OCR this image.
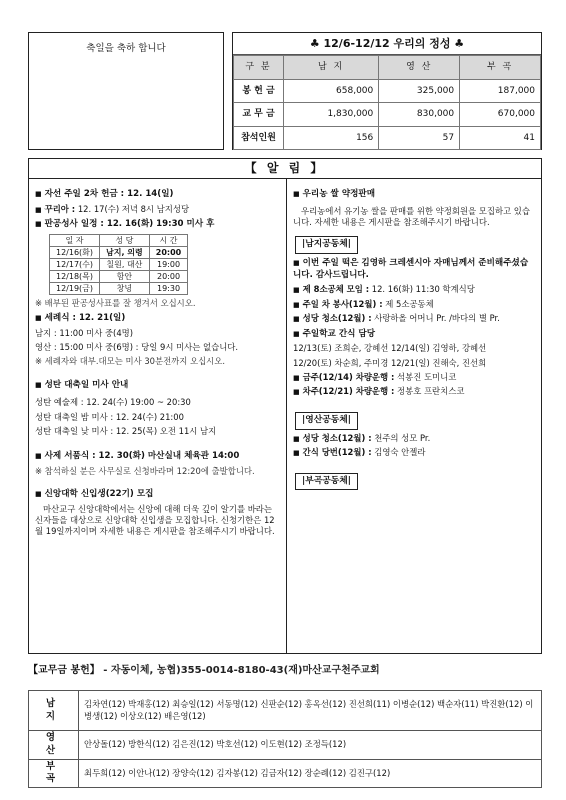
축일을 축하 합니다	♣ 12/6-12/12 우리의 정성 ♣
구 분	남 지	영 산	부 곡
봉 헌 금	658,000	325,000	187,000
교 무 금	1,830,000	830,000	670,000
참석인원	156	57	41
【 알 림 】
■ 자선 주일 2차 헌금 : 12. 14(일)
■ 꾸리아 : 12. 17(수) 저녁 8시 남지성당
■ 판공성사 일정 : 12. 16(화) 19:30 미사 후
일 자	성 당	시 간
12/16(화)	남지, 의령	20:00
12/17(수)	칠원, 대산	19:00
12/18(목)	함안	20:00
12/19(금)	창녕	19:30
※ 배부된 판공성사표를 잘 챙겨서 오십시오.
■ 세례식 : 12. 21(일)
남지 : 11:00 미사 중(4명)
영산 : 15:00 미사 중(6명) : 당일 9시 미사는 없습니다.
※ 세례자와 대부.대모는 미사 30분전까지 오십시오.
■ 성탄 대축일 미사 안내
성탄 예술제 : 12. 24(수) 19:00 ~ 20:30
성탄 대축일 밤 미사 : 12. 24(수) 21:00
성탄 대축일 낮 미사 : 12. 25(목) 오전 11시 남지
■ 사제 서품식 : 12. 30(화) 마산실내 체육관 14:00
※ 참석하실 분은 사무실로 신청바라며 12:20에 출발합니다.
■ 신앙대학 신입생(22기) 모집
마산교구 신앙대학에서는 신앙에 대해 더욱 깊이 알기를 바라는 신자들을 대상으로 신앙대학 신입생을 모집합니다. 신청기한은 12월 19일까지이며 자세한 내용은 게시판을 참조해주시기 바랍니다.
■ 우리농 쌀 약정판매
우리농에서 유기농 쌀을 판매를 위한 약정회원을 모집하고 있습니다. 자세한 내용은 게시판을 참조해주시기 바랍니다.
|남지공동체|
■ 이번 주일 떡은 김영하 크레센시아 자매님께서 준비해주셨습니다. 감사드립니다.
■ 제 8소공체 모임 : 12. 16(화) 11:30 학계식당
■ 주일 차 봉사(12월) : 제 5소공동체
■ 성당 청소(12월) : 사랑하올 어머니 Pr. /바다의 별 Pr.
■ 주일학교 간식 담당
12/13(토) 조희순, 강혜선 12/14(일) 김영하, 강혜선
12/20(토) 차순희, 주미경 12/21(일) 진해숙, 진선희
■ 금주(12/14) 차량운행 : 석봉진 도미니코
■ 차주(12/21) 차량운행 : 정봉호 프란치스코
|영산공동체|
■ 성당 청소(12월) : 천주의 성모 Pr.
■ 간식 당번(12월) : 김영숙 안젤라
|부곡공동체|
【교무금 봉헌】 - 자동이체, 농협)355-0014-8180-43(재)마산교구천주교회
남 지	김차연(12) 박재홍(12) 최승일(12) 서동명(12) 신판순(12) 홍옥선(12) 진선희(11) 이병순(12) 백순자(11) 박진환(12) 이병생(12) 이상오(12) 배은영(12)
영 산	안상돌(12) 방한식(12) 김은진(12) 박호선(12) 이도현(12) 조정득(12)
부 곡	최두희(12) 이안나(12) 장양숙(12) 김자봉(12) 김금자(12) 장순례(12) 김진구(12)
